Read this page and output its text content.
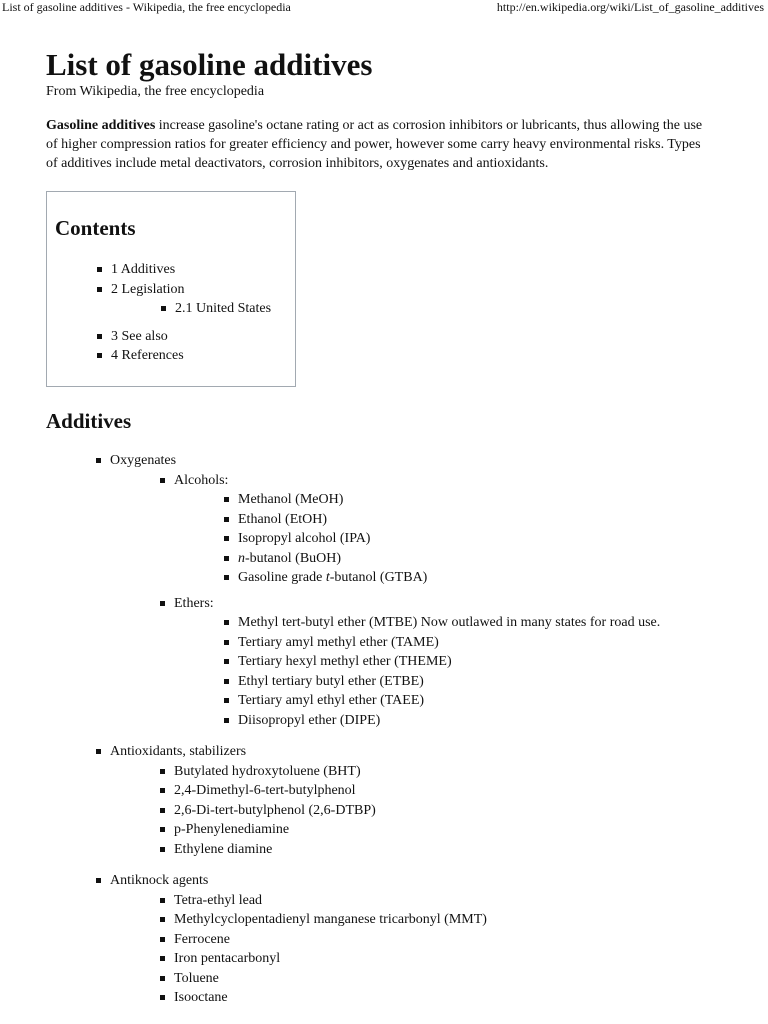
List of gasoline additives - Wikipedia, the free encyclopedia	http://en.wikipedia.org/wiki/List_of_gasoline_additives
List of gasoline additives
From Wikipedia, the free encyclopedia
Gasoline additives increase gasoline's octane rating or act as corrosion inhibitors or lubricants, thus allowing the use of higher compression ratios for greater efficiency and power, however some carry heavy environmental risks. Types of additives include metal deactivators, corrosion inhibitors, oxygenates and antioxidants.
Contents
1 Additives
2 Legislation
2.1 United States
3 See also
4 References
Additives
Oxygenates
Alcohols:
Methanol (MeOH)
Ethanol (EtOH)
Isopropyl alcohol (IPA)
n-butanol (BuOH)
Gasoline grade t-butanol (GTBA)
Ethers:
Methyl tert-butyl ether (MTBE) Now outlawed in many states for road use.
Tertiary amyl methyl ether (TAME)
Tertiary hexyl methyl ether (THEME)
Ethyl tertiary butyl ether (ETBE)
Tertiary amyl ethyl ether (TAEE)
Diisopropyl ether (DIPE)
Antioxidants, stabilizers
Butylated hydroxytoluene (BHT)
2,4-Dimethyl-6-tert-butylphenol
2,6-Di-tert-butylphenol (2,6-DTBP)
p-Phenylenediamine
Ethylene diamine
Antiknock agents
Tetra-ethyl lead
Methylcyclopentadienyl manganese tricarbonyl (MMT)
Ferrocene
Iron pentacarbonyl
Toluene
Isooctane
